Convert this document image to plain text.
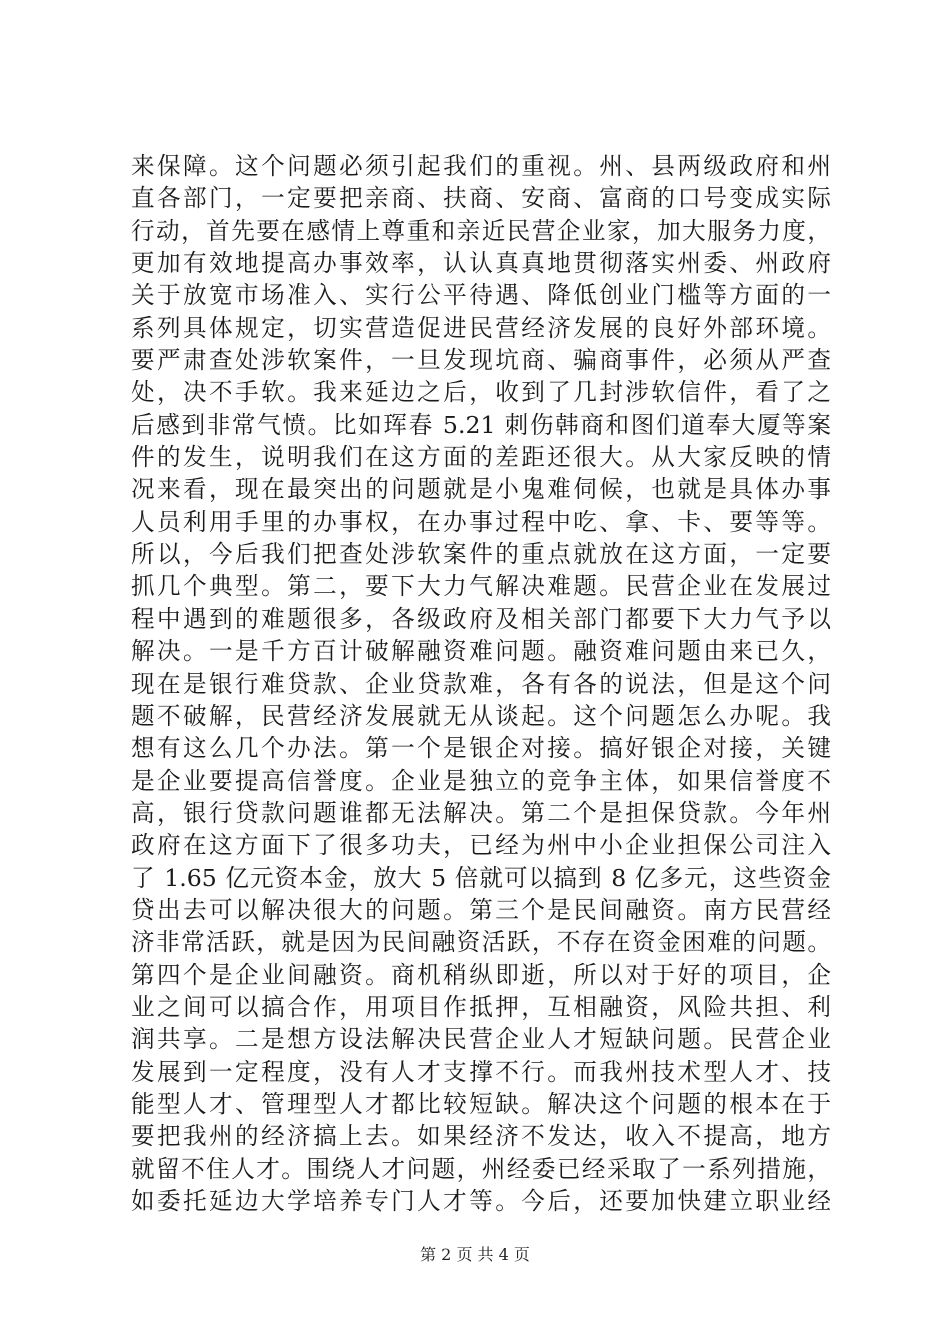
来保障。这个问题必须引起我们的重视。州、县两级政府和州
直各部门，一定要把亲商、扶商、安商、富商的口号变成实际
行动，首先要在感情上尊重和亲近民营企业家，加大服务力度，
更加有效地提高办事效率，认认真真地贯彻落实州委、州政府
关于放宽市场准入、实行公平待遇、降低创业门槛等方面的一
系列具体规定，切实营造促进民营经济发展的良好外部环境。
要严肃查处涉软案件，一旦发现坑商、骗商事件，必须从严查
处，决不手软。我来延边之后，收到了几封涉软信件，看了之
后感到非常气愤。比如珲春 5.21 刺伤韩商和图们道奉大厦等案
件的发生，说明我们在这方面的差距还很大。从大家反映的情
况来看，现在最突出的问题就是小鬼难伺候，也就是具体办事
人员利用手里的办事权，在办事过程中吃、拿、卡、要等等。
所以，今后我们把查处涉软案件的重点就放在这方面，一定要
抓几个典型。第二，要下大力气解决难题。民营企业在发展过
程中遇到的难题很多，各级政府及相关部门都要下大力气予以
解决。一是千方百计破解融资难问题。融资难问题由来已久，
现在是银行难贷款、企业贷款难，各有各的说法，但是这个问
题不破解，民营经济发展就无从谈起。这个问题怎么办呢。我
想有这么几个办法。第一个是银企对接。搞好银企对接，关键
是企业要提高信誉度。企业是独立的竞争主体，如果信誉度不
高，银行贷款问题谁都无法解决。第二个是担保贷款。今年州
政府在这方面下了很多功夫，已经为州中小企业担保公司注入
了 1.65 亿元资本金，放大 5 倍就可以搞到 8 亿多元，这些资金
贷出去可以解决很大的问题。第三个是民间融资。南方民营经
济非常活跃，就是因为民间融资活跃，不存在资金困难的问题。
第四个是企业间融资。商机稍纵即逝，所以对于好的项目，企
业之间可以搞合作，用项目作抵押，互相融资，风险共担、利
润共享。二是想方设法解决民营企业人才短缺问题。民营企业
发展到一定程度，没有人才支撑不行。而我州技术型人才、技
能型人才、管理型人才都比较短缺。解决这个问题的根本在于
要把我州的经济搞上去。如果经济不发达，收入不提高，地方
就留不住人才。围绕人才问题，州经委已经采取了一系列措施，
如委托延边大学培养专门人才等。今后，还要加快建立职业经
第 2 页 共 4 页
